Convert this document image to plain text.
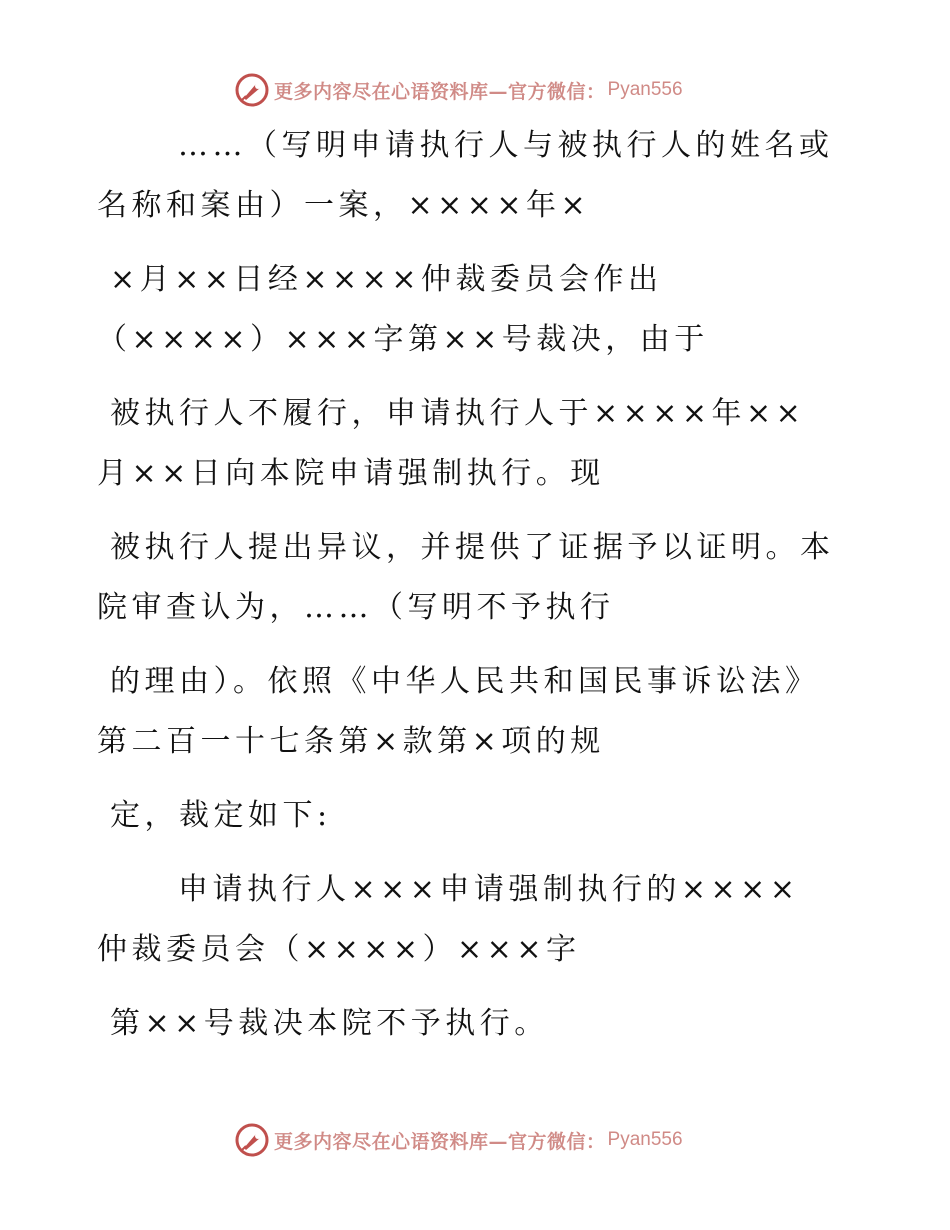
更多内容尽在心语资料库—官方微信： Pyan556
……（写明申请执行人与被执行人的姓名或
名称和案由）一案，××××年×
×月××日经××××仲裁委员会作出
（××××）×××字第××号裁决，由于
被执行人不履行，申请执行人于××××年××
月××日向本院申请强制执行。现
被执行人提出异议，并提供了证据予以证明。本
院审查认为，……（写明不予执行
的理由）。依照《中华人民共和国民事诉讼法》
第二百一十七条第×款第×项的规
定，裁定如下:
申请执行人×××申请强制执行的××××
仲裁委员会（××××）×××字
第××号裁决本院不予执行。
更多内容尽在心语资料库—官方微信： Pyan556
